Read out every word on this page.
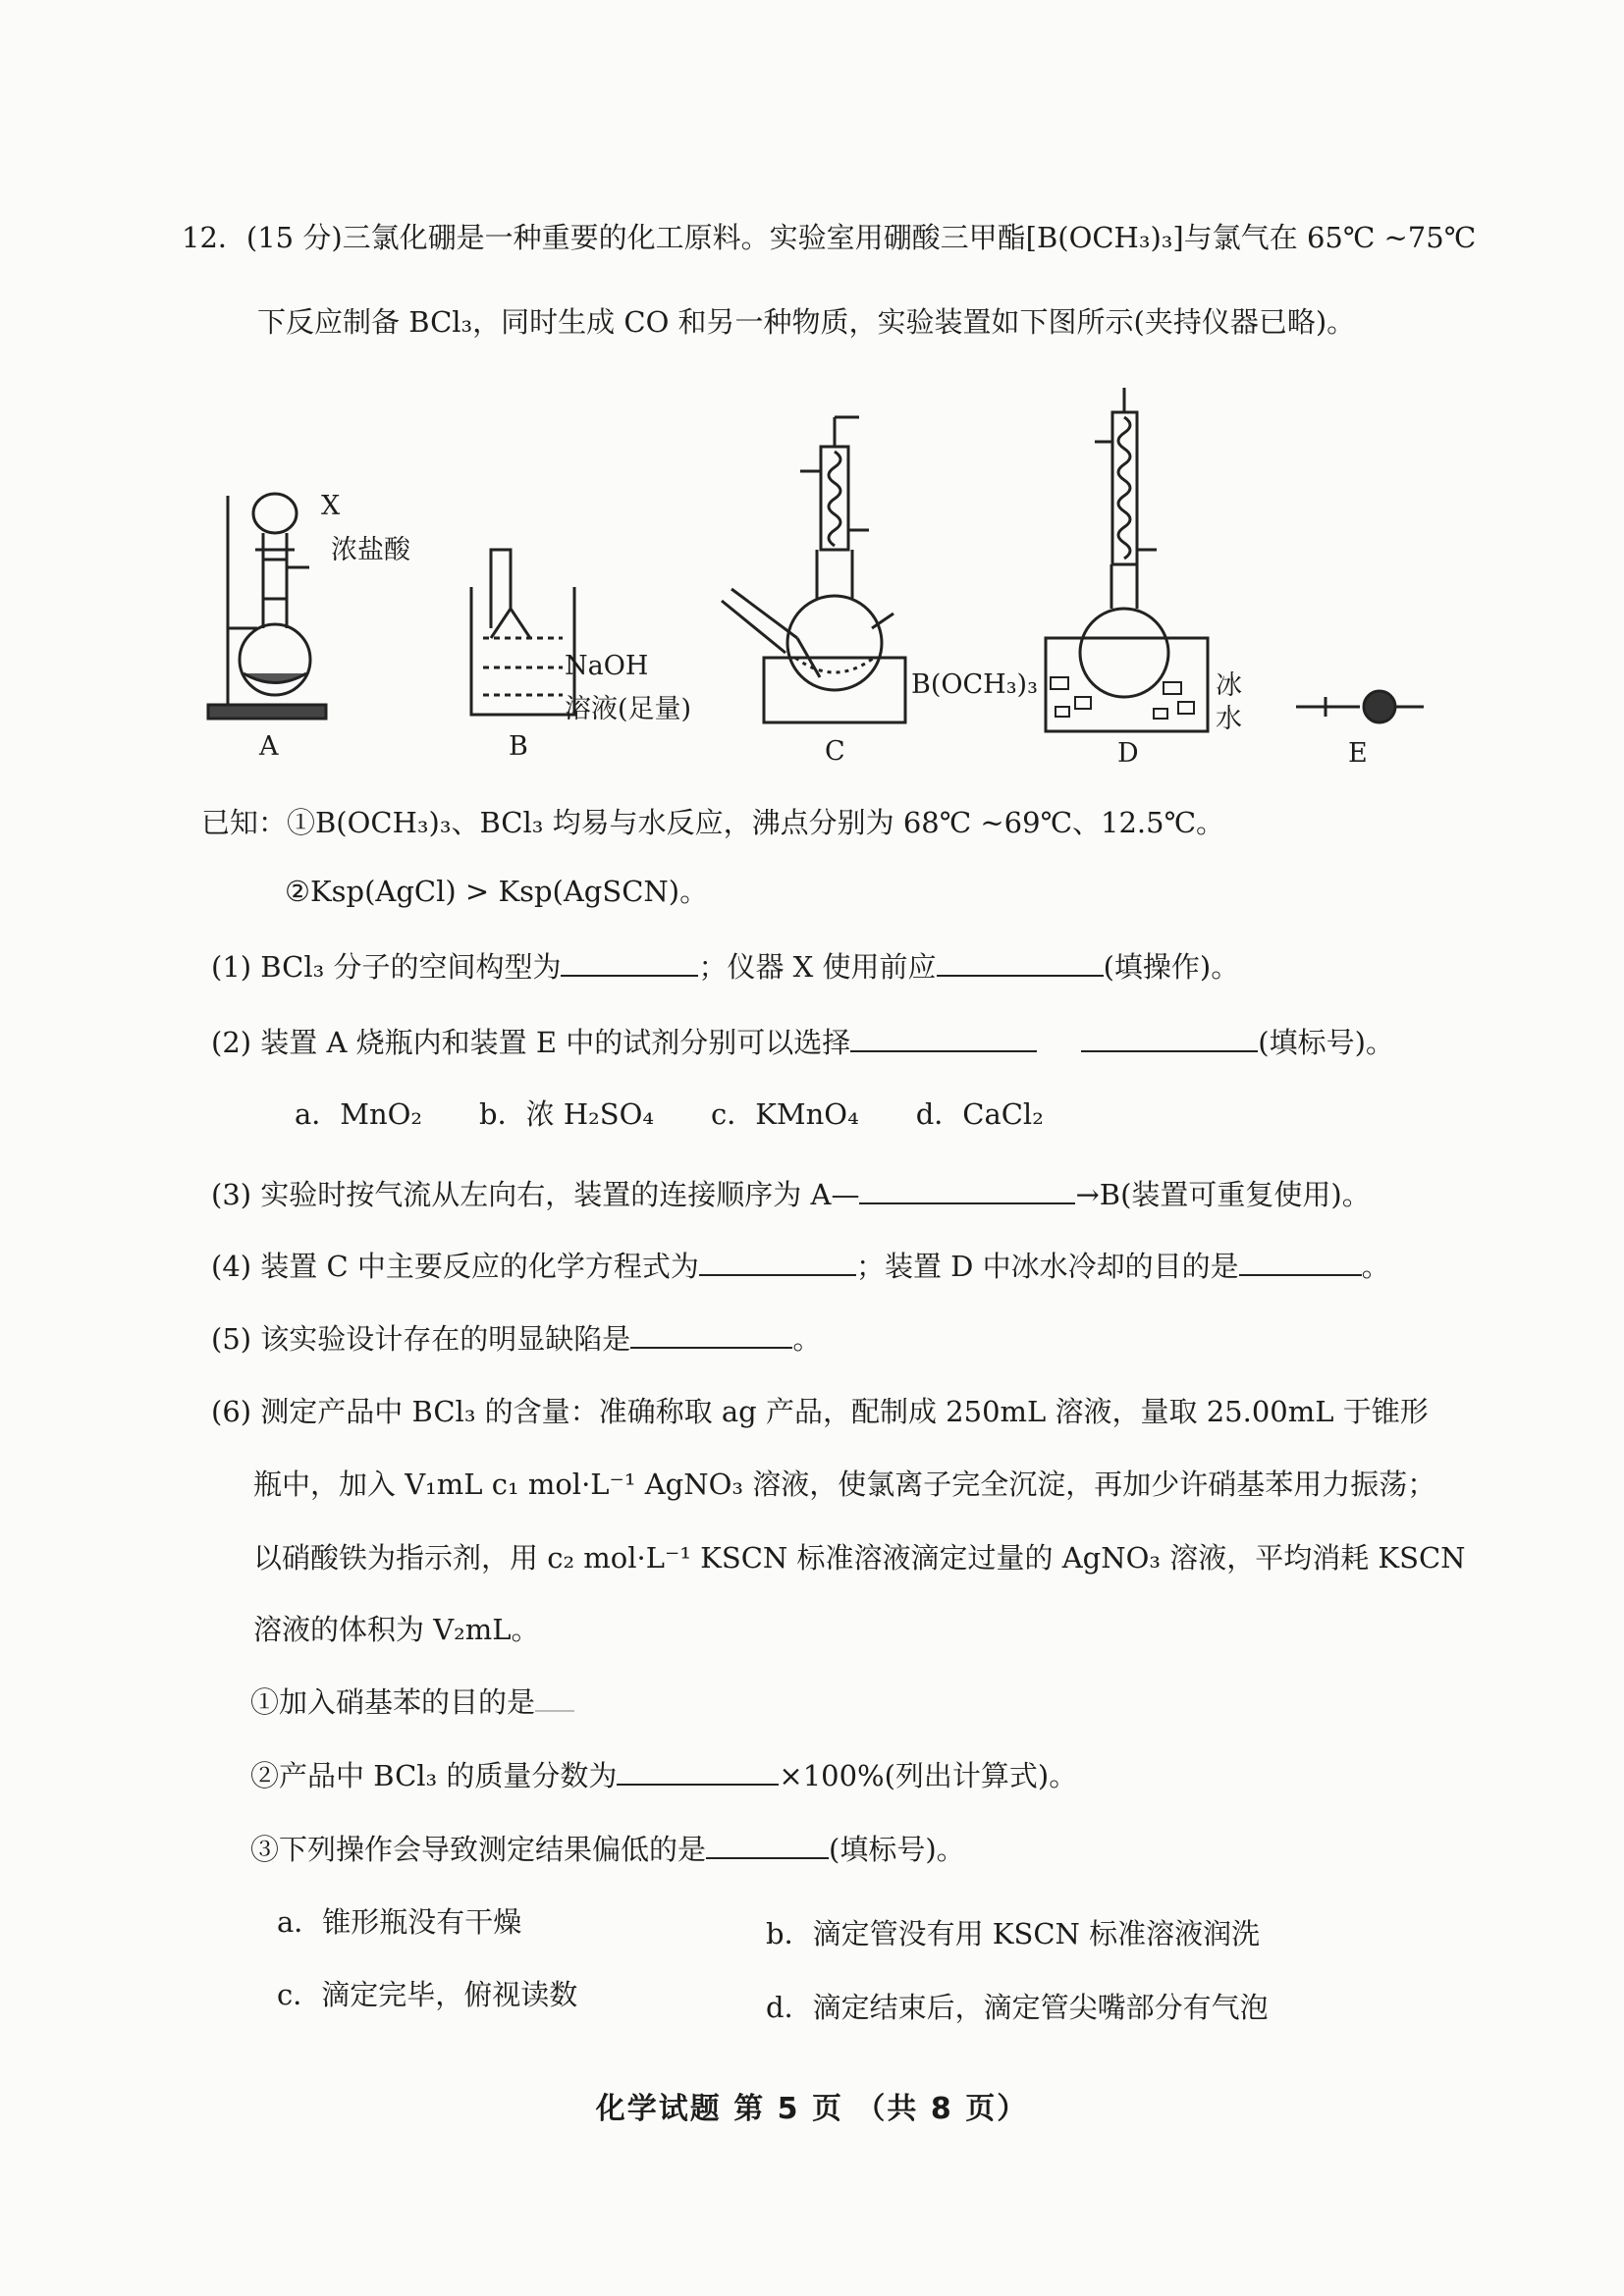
12．(15 分)三氯化硼是一种重要的化工原料。实验室用硼酸三甲酯[B(OCH₃)₃]与氯气在 65℃ ~75℃
下反应制备 BCl₃，同时生成 CO 和另一种物质，实验装置如下图所示(夹持仪器已略)。
X
浓盐酸
NaOH
溶液(足量)
B(OCH₃)₃	冰
水
A	B	C	D	E
已知：①B(OCH₃)₃、BCl₃ 均易与水反应，沸点分别为 68℃ ~69℃、12.5℃。
②Ksp(AgCl) > Ksp(AgSCN)。
(1) BCl₃ 分子的空间构型为	；仪器 X 使用前应	(填操作)。
(2) 装置 A 烧瓶内和装置 E 中的试剂分别可以选择	(填标号)。
a．MnO₂　　b．浓 H₂SO₄　　c．KMnO₄　　d．CaCl₂
(3) 实验时按气流从左向右，装置的连接顺序为 A—	→B(装置可重复使用)。
(4) 装置 C 中主要反应的化学方程式为	；装置 D 中冰水冷却的目的是	。
(5) 该实验设计存在的明显缺陷是	。
(6) 测定产品中 BCl₃ 的含量：准确称取 ag 产品，配制成 250mL 溶液，量取 25.00mL 于锥形
瓶中，加入 V₁mL c₁ mol·L⁻¹ AgNO₃ 溶液，使氯离子完全沉淀，再加少许硝基苯用力振荡；
以硝酸铁为指示剂，用 c₂ mol·L⁻¹ KSCN 标准溶液滴定过量的 AgNO₃ 溶液，平均消耗 KSCN
溶液的体积为 V₂mL。
①加入硝基苯的目的是
②产品中 BCl₃ 的质量分数为	×100%(列出计算式)。
③下列操作会导致测定结果偏低的是	(填标号)。
a．锥形瓶没有干燥	b．滴定管没有用 KSCN 标准溶液润洗
c．滴定完毕，俯视读数	d．滴定结束后，滴定管尖嘴部分有气泡
化学试题 第 5 页 （共 8 页）
